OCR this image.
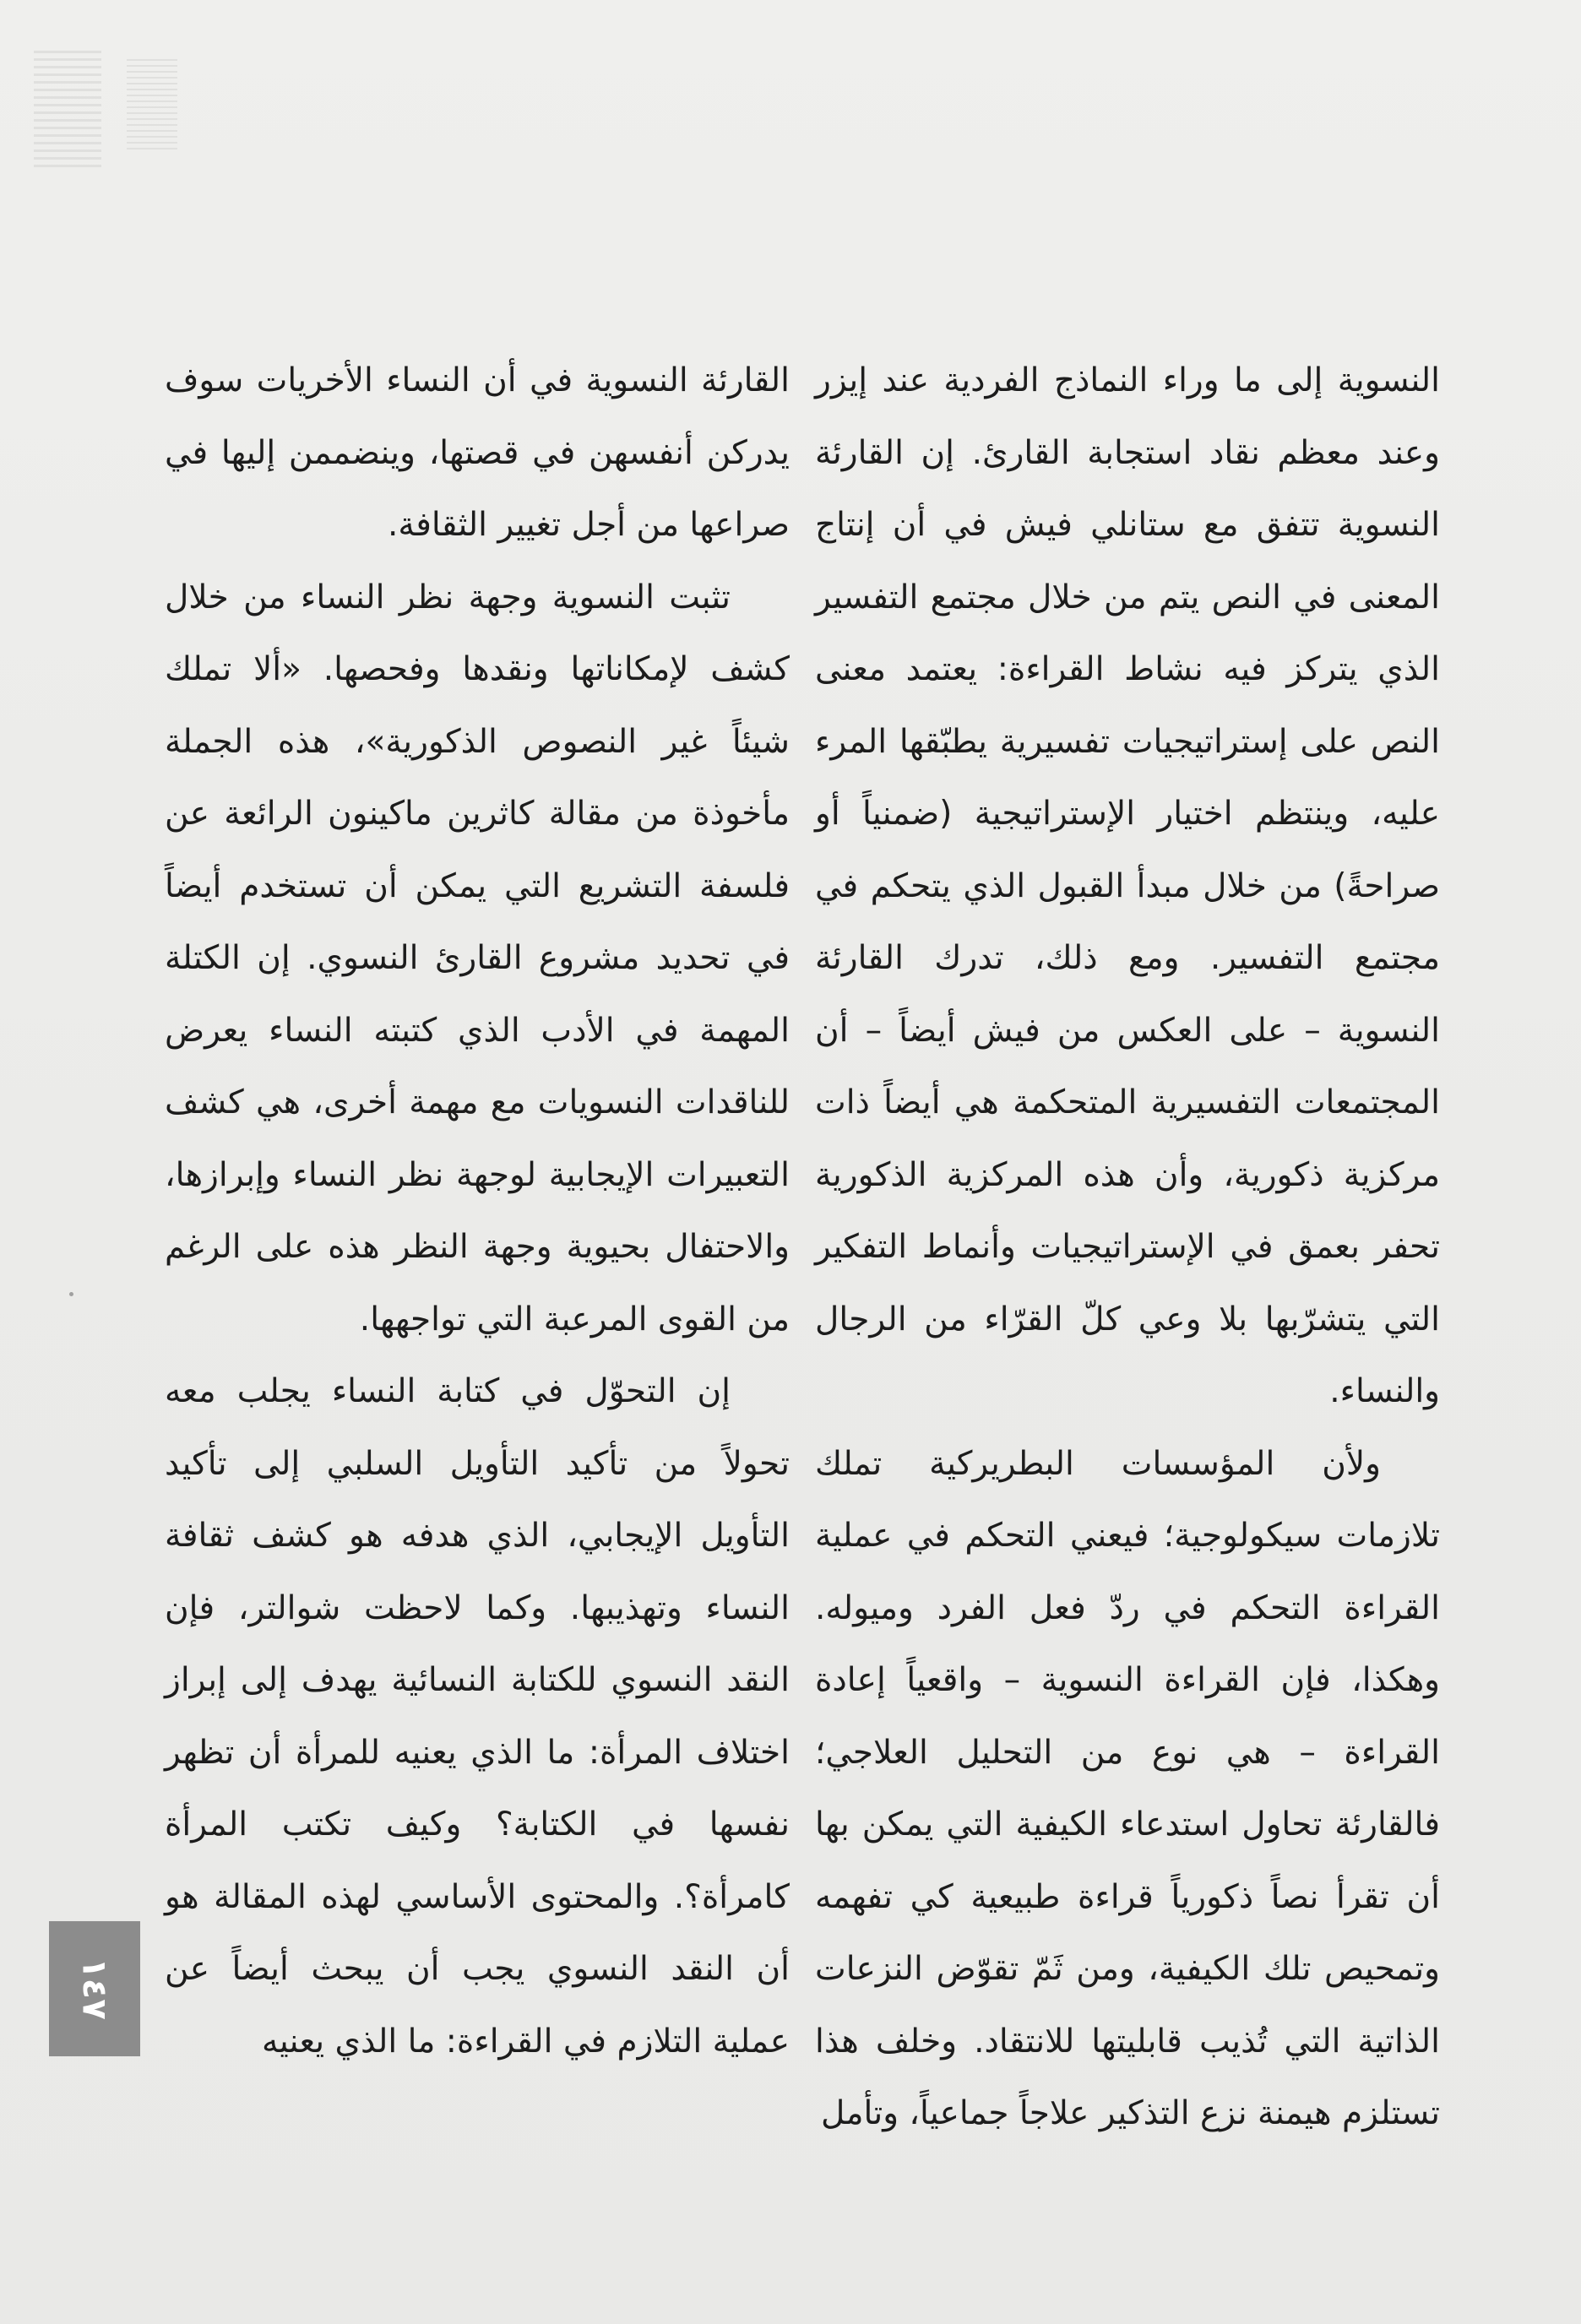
النسوية إلى ما وراء النماذج الفردية عند إيزر وعند معظم نقاد استجابة القارئ. إن القارئة النسوية تتفق مع ستانلي فيش في أن إنتاج المعنى في النص يتم من خلال مجتمع التفسير الذي يتركز فيه نشاط القراءة: يعتمد معنى النص على إستراتيجيات تفسيرية يطبّقها المرء عليه، وينتظم اختيار الإستراتيجية (ضمنياً أو صراحةً) من خلال مبدأ القبول الذي يتحكم في مجتمع التفسير. ومع ذلك، تدرك القارئة النسوية – على العكس من فيش أيضاً – أن المجتمعات التفسيرية المتحكمة هي أيضاً ذات مركزية ذكورية، وأن هذه المركزية الذكورية تحفر بعمق في الإستراتيجيات وأنماط التفكير التي يتشرّبها بلا وعي كلّ القرّاء من الرجال والنساء.

ولأن المؤسسات البطريركية تملك تلازمات سيكولوجية؛ فيعني التحكم في عملية القراءة التحكم في ردّ فعل الفرد وميوله. وهكذا، فإن القراءة النسوية – واقعياً إعادة القراءة – هي نوع من التحليل العلاجي؛ فالقارئة تحاول استدعاء الكيفية التي يمكن بها أن تقرأ نصاً ذكورياً قراءة طبيعية كي تفهمه وتمحيص تلك الكيفية، ومن ثَمّ تقوّض النزعات الذاتية التي تُذيب قابليتها للانتقاد. وخلف هذا تستلزم هيمنة نزع التذكير علاجاً جماعياً، وتأمل

القارئة النسوية في أن النساء الأخريات سوف يدركن أنفسهن في قصتها، وينضممن إليها في صراعها من أجل تغيير الثقافة.

تثبت النسوية وجهة نظر النساء من خلال كشف لإمكاناتها ونقدها وفحصها. «ألا تملك شيئاً غير النصوص الذكورية»، هذه الجملة مأخوذة من مقالة كاثرين ماكينون الرائعة عن فلسفة التشريع التي يمكن أن تستخدم أيضاً في تحديد مشروع القارئ النسوي. إن الكتلة المهمة في الأدب الذي كتبته النساء يعرض للناقدات النسويات مع مهمة أخرى، هي كشف التعبيرات الإيجابية لوجهة نظر النساء وإبرازها، والاحتفال بحيوية وجهة النظر هذه على الرغم من القوى المرعبة التي تواجهها.

إن التحوّل في كتابة النساء يجلب معه تحولاً من تأكيد التأويل السلبي إلى تأكيد التأويل الإيجابي، الذي هدفه هو كشف ثقافة النساء وتهذيبها. وكما لاحظت شوالتر، فإن النقد النسوي للكتابة النسائية يهدف إلى إبراز اختلاف المرأة: ما الذي يعنيه للمرأة أن تظهر نفسها في الكتابة؟ وكيف تكتب المرأة كامرأة؟. والمحتوى الأساسي لهذه المقالة هو أن النقد النسوي يجب أن يبحث أيضاً عن عملية التلازم في القراءة: ما الذي يعنيه

١٤٧
